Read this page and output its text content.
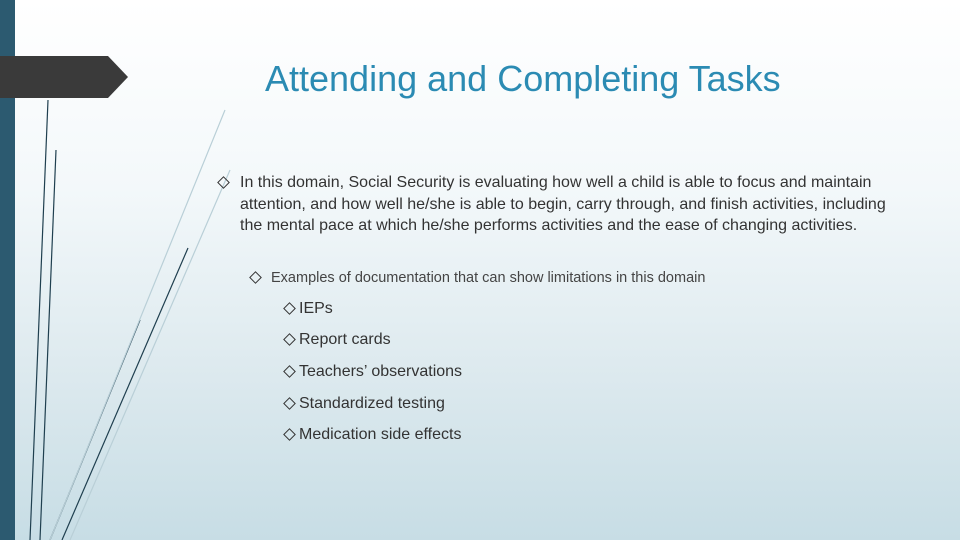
Attending and Completing Tasks
In this domain, Social Security is evaluating how well a child is able to focus and maintain attention, and how well he/she is able to begin, carry through, and finish activities, including the mental pace at which he/she performs activities and the ease of changing activities.
Examples of documentation that can show limitations in this domain
IEPs
Report cards
Teachers’ observations
Standardized testing
Medication side effects
